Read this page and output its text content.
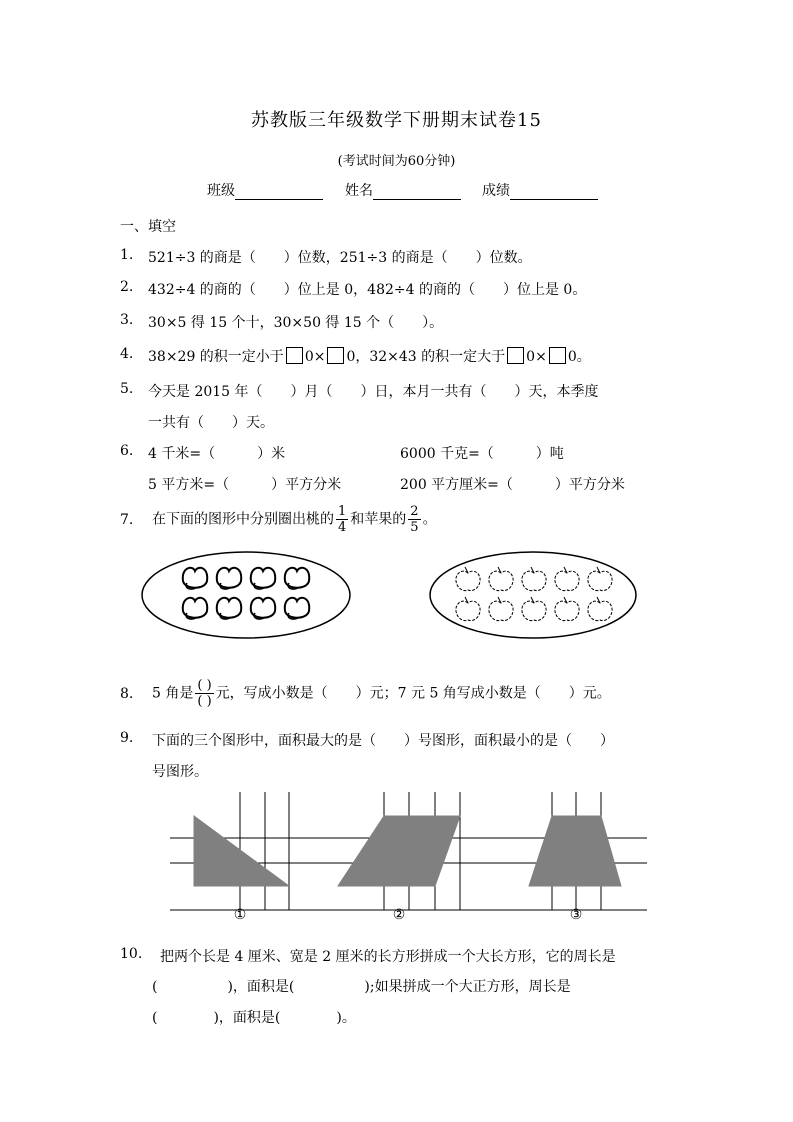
苏教版三年级数学下册期末试卷15
(考试时间为60分钟)
班级	姓名	成绩
一、填空
1. 521÷3 的商是（　　）位数，251÷3 的商是（　　）位数。
2. 432÷4 的商的（　　）位上是 0，482÷4 的商的（　　）位上是 0。
3. 30×5 得 15 个十，30×50 得 15 个（　　）。
4. 38×29 的积一定小于 0× 0，32×43 的积一定大于 0× 0。
5. 今天是 2015 年（　　）月（　　）日，本月一共有（　　）天，本季度
一共有（　　）天。
6. 4 千米=（　　　）米	6000 千克=（　　　）吨
5 平方米=（　　　）平方分米	200 平方厘米=（　　　）平方分米
7. 在下面的图形中分别圈出桃的 $\frac{1}{4}$ 和苹果的 $\frac{2}{5}$ 。
8. 5 角是 $\frac{( )}{( )}$ 元，写成小数是（　　）元；7 元 5 角写成小数是（　　）元。
9. 下面的三个图形中，面积最大的是（　　）号图形，面积最小的是（　　）
号图形。
①	②	③
10. 把两个长是 4 厘米、宽是 2 厘米的长方形拼成一个大长方形，它的周长是
(　　　　　)，面积是(　　　　　);如果拼成一个大正方形，周长是
(　　　　)，面积是(　　　　)。
